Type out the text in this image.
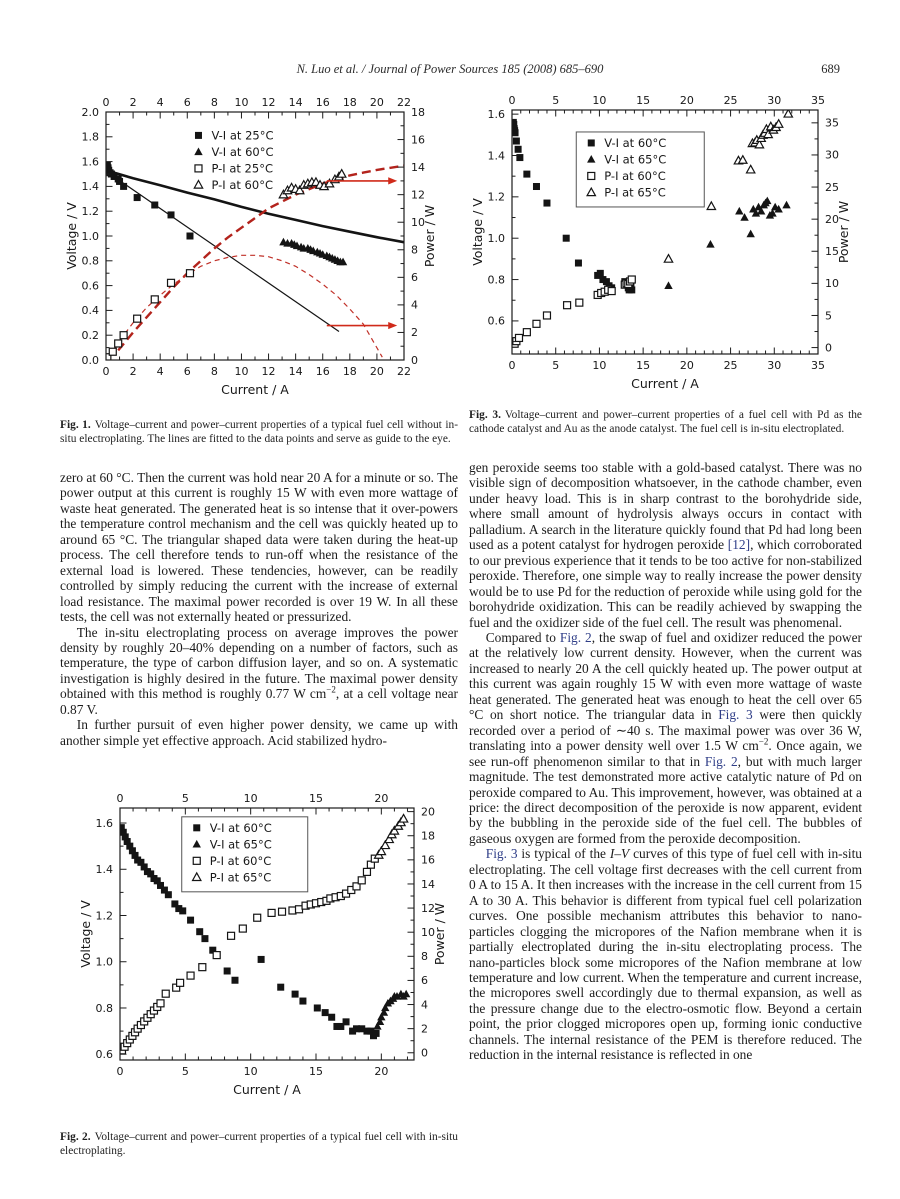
N. Luo et al. / Journal of Power Sources 185 (2008) 685–690	689
0
0
2
2
4
4
6
6
8
8
10
10
12
12
14
14
16
16
18
18
20
20
22
22
0.0
0.2
0.4
0.6
0.8
1.0
1.2
1.4
1.6
1.8
2.0
0
2
4
6
8
10
12
14
16
18
Current / A
Voltage / V	Power / W
V-I at 25°C
V-I at 60°C
P-I at 25°C
P-I at 60°C

Fig. 1. Voltage–current and power–current properties of a typical fuel cell without in-situ electroplating. The lines are fitted to the data points and serve as guide to the eye.

zero at 60 °C. Then the current was hold near 20 A for a minute or so. The power output at this current is roughly 15 W with even more wattage of waste heat generated. The generated heat is so intense that it over-powers the temperature control mechanism and the cell was quickly heated up to around 65 °C. The triangular shaped data were taken during the heat-up process. The cell therefore tends to run-off when the resistance of the external load is lowered. These tendencies, however, can be readily controlled by simply reducing the current with the increase of external load resistance. The maximal power recorded is over 19 W. In all these tests, the cell was not externally heated or pressurized.

The in-situ electroplating process on average improves the power density by roughly 20–40% depending on a number of factors, such as temperature, the type of carbon diffusion layer, and so on. A systematic investigation is highly desired in the future. The maximal power density obtained with this method is roughly 0.77 W $cm^{-2}$, at a cell voltage near 0.87 V.

In further pursuit of even higher power density, we came up with another simple yet effective approach. Acid stabilized hydro-

0
0
5
5
10
10
15
15
20
20
0.6
0.8
1.0
1.2
1.4
1.6
0
2
4
6
8
10
12
14
16
18
20
Current / A
Voltage / V	Power / W
V-I at 60°C
V-I at 65°C
P-I at 60°C
P-I at 65°C

Fig. 2. Voltage–current and power–current properties of a typical fuel cell with in-situ electroplating.

0
0
5
5
10
10
15
15
20
20
25
25
30
30
35
35
0.6
0.8
1.0
1.2
1.4
1.6
0
5
10
15
20
25
30
35
Current / A
Voltage / V	Power / W
V-I at 60°C
V-I at 65°C
P-I at 60°C
P-I at 65°C

Fig. 3. Voltage–current and power–current properties of a fuel cell with Pd as the cathode catalyst and Au as the anode catalyst. The fuel cell is in-situ electroplated.

gen peroxide seems too stable with a gold-based catalyst. There was no visible sign of decomposition whatsoever, in the cathode chamber, even under heavy load. This is in sharp contrast to the borohydride side, where small amount of hydrolysis always occurs in contact with palladium. A search in the literature quickly found that Pd had long been used as a potent catalyst for hydrogen peroxide [12], which corroborated to our previous experience that it tends to be too active for non-stabilized peroxide. Therefore, one simple way to really increase the power density would be to use Pd for the reduction of peroxide while using gold for the borohydride oxidization. This can be readily achieved by swapping the fuel and the oxidizer side of the fuel cell. The result was phenomenal.

Compared to Fig. 2, the swap of fuel and oxidizer reduced the power at the relatively low current density. However, when the current was increased to nearly 20 A the cell quickly heated up. The power output at this current was again roughly 15 W with even more wattage of waste heat generated. The generated heat was enough to heat the cell over 65 °C on short notice. The triangular data in Fig. 3 were then quickly recorded over a period of ∼40 s. The maximal power was over 36 W, translating into a power density well over 1.5 W $cm^{-2}$. Once again, we see run-off phenomenon similar to that in Fig. 2, but with much larger magnitude. The test demonstrated more active catalytic nature of Pd on peroxide compared to Au. This improvement, however, was obtained at a price: the direct decomposition of the peroxide is now apparent, evident by the bubbling in the peroxide side of the fuel cell. The bubbles of gaseous oxygen are formed from the peroxide decomposition.

Fig. 3 is typical of the I–V curves of this type of fuel cell with in-situ electroplating. The cell voltage first decreases with the cell current from 0 A to 15 A. It then increases with the increase in the cell current from 15 A to 30 A. This behavior is different from typical fuel cell polarization curves. One possible mechanism attributes this behavior to nano-particles clogging the micropores of the Nafion membrane when it is partially electroplated during the in-situ electroplating process. The nano-particles block some micropores of the Nafion membrane at low temperature and low current. When the temperature and current increase, the micropores swell accordingly due to thermal expansion, as well as the pressure change due to the electro-osmotic flow. Beyond a certain point, the prior clogged micropores open up, forming ionic conductive channels. The internal resistance of the PEM is therefore reduced. The reduction in the internal resistance is reflected in one
